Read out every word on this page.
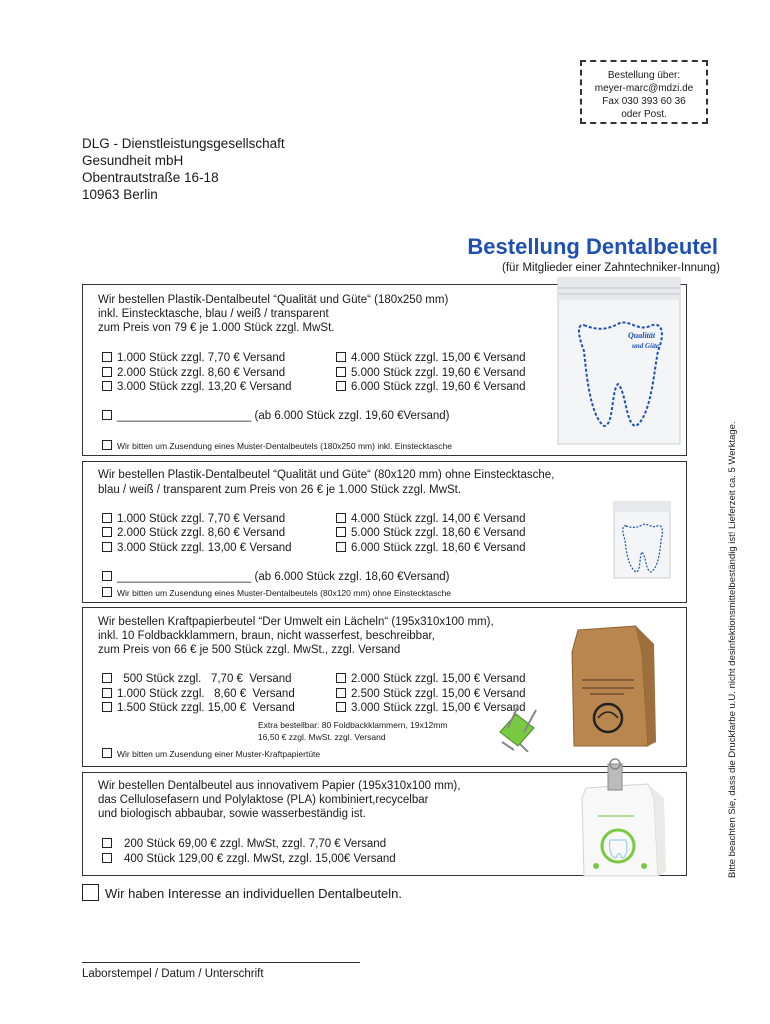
Bestellung über:
meyer-marc@mdzi.de
Fax 030 393 60 36
oder Post.
DLG - Dienstleistungsgesellschaft
Gesundheit mbH
Obentrautstraße 16-18
10963 Berlin
Bestellung Dentalbeutel
(für Mitglieder einer Zahntechniker-Innung)
Wir bestellen Plastik-Dentalbeutel “Qualität und Güte“ (180x250 mm)
inkl. Einstecktasche, blau / weiß / transparent
zum Preis von 79 € je 1.000 Stück zzgl. MwSt.
1.000 Stück zzgl. 7,70 € Versand
2.000 Stück zzgl. 8,60 € Versand
3.000 Stück zzgl. 13,20 € Versand
4.000 Stück zzgl. 15,00 € Versand
5.000 Stück zzgl. 19,60 € Versand
6.000 Stück zzgl. 19,60 € Versand
_____________________ (ab 6.000 Stück zzgl. 19,60 €Versand)
Wir bitten um Zusendung eines Muster-Dentalbeutels (180x250 mm) inkl. Einstecktasche
Qualität
und Güte
Wir bestellen Plastik-Dentalbeutel “Qualität und Güte“ (80x120 mm) ohne Einstecktasche,
blau / weiß / transparent zum Preis von 26 € je 1.000 Stück zzgl. MwSt.
1.000 Stück zzgl. 7,70 € Versand
2.000 Stück zzgl. 8,60 € Versand
3.000 Stück zzgl. 13,00 € Versand
4.000 Stück zzgl. 14,00 € Versand
5.000 Stück zzgl. 18,60 € Versand
6.000 Stück zzgl. 18,60 € Versand
_____________________ (ab 6.000 Stück zzgl. 18,60 €Versand)
Wir bitten um Zusendung eines Muster-Dentalbeutels (80x120 mm) ohne Einstecktasche
Wir bestellen Kraftpapierbeutel “Der Umwelt ein Lächeln“ (195x310x100 mm),
inkl. 10 Foldbackklammern, braun, nicht wasserfest, beschreibbar,
zum Preis von 66 € je 500 Stück zzgl. MwSt., zzgl. Versand
500 Stück zzgl.   7,70 €  Versand
1.000 Stück zzgl.   8,60 €  Versand
1.500 Stück zzgl. 15,00 €  Versand
2.000 Stück zzgl. 15,00 € Versand
2.500 Stück zzgl. 15,00 € Versand
3.000 Stück zzgl. 15,00 € Versand
Extra bestellbar: 80 Foldbackklammern, 19x12mm
16,50 € zzgl. MwSt. zzgl. Versand
Wir bitten um Zusendung einer Muster-Kraftpapiertüte
Wir bestellen Dentalbeutel aus innovativem Papier (195x310x100 mm),
das Cellulosefasern und Polylaktose (PLA) kombiniert,recycelbar
und biologisch abbaubar, sowie wasserbeständig ist.
200 Stück 69,00 € zzgl. MwSt, zzgl. 7,70 € Versand
400 Stück 129,00 € zzgl. MwSt, zzgl. 15,00€ Versand
Wir haben Interesse an individuellen Dentalbeuteln.
Laborstempel / Datum / Unterschrift
Bitte beachten Sie, dass die Druckfarbe u.U. nicht desinfektionsmittelbeständig ist! Lieferzeit ca. 5 Werktage.
